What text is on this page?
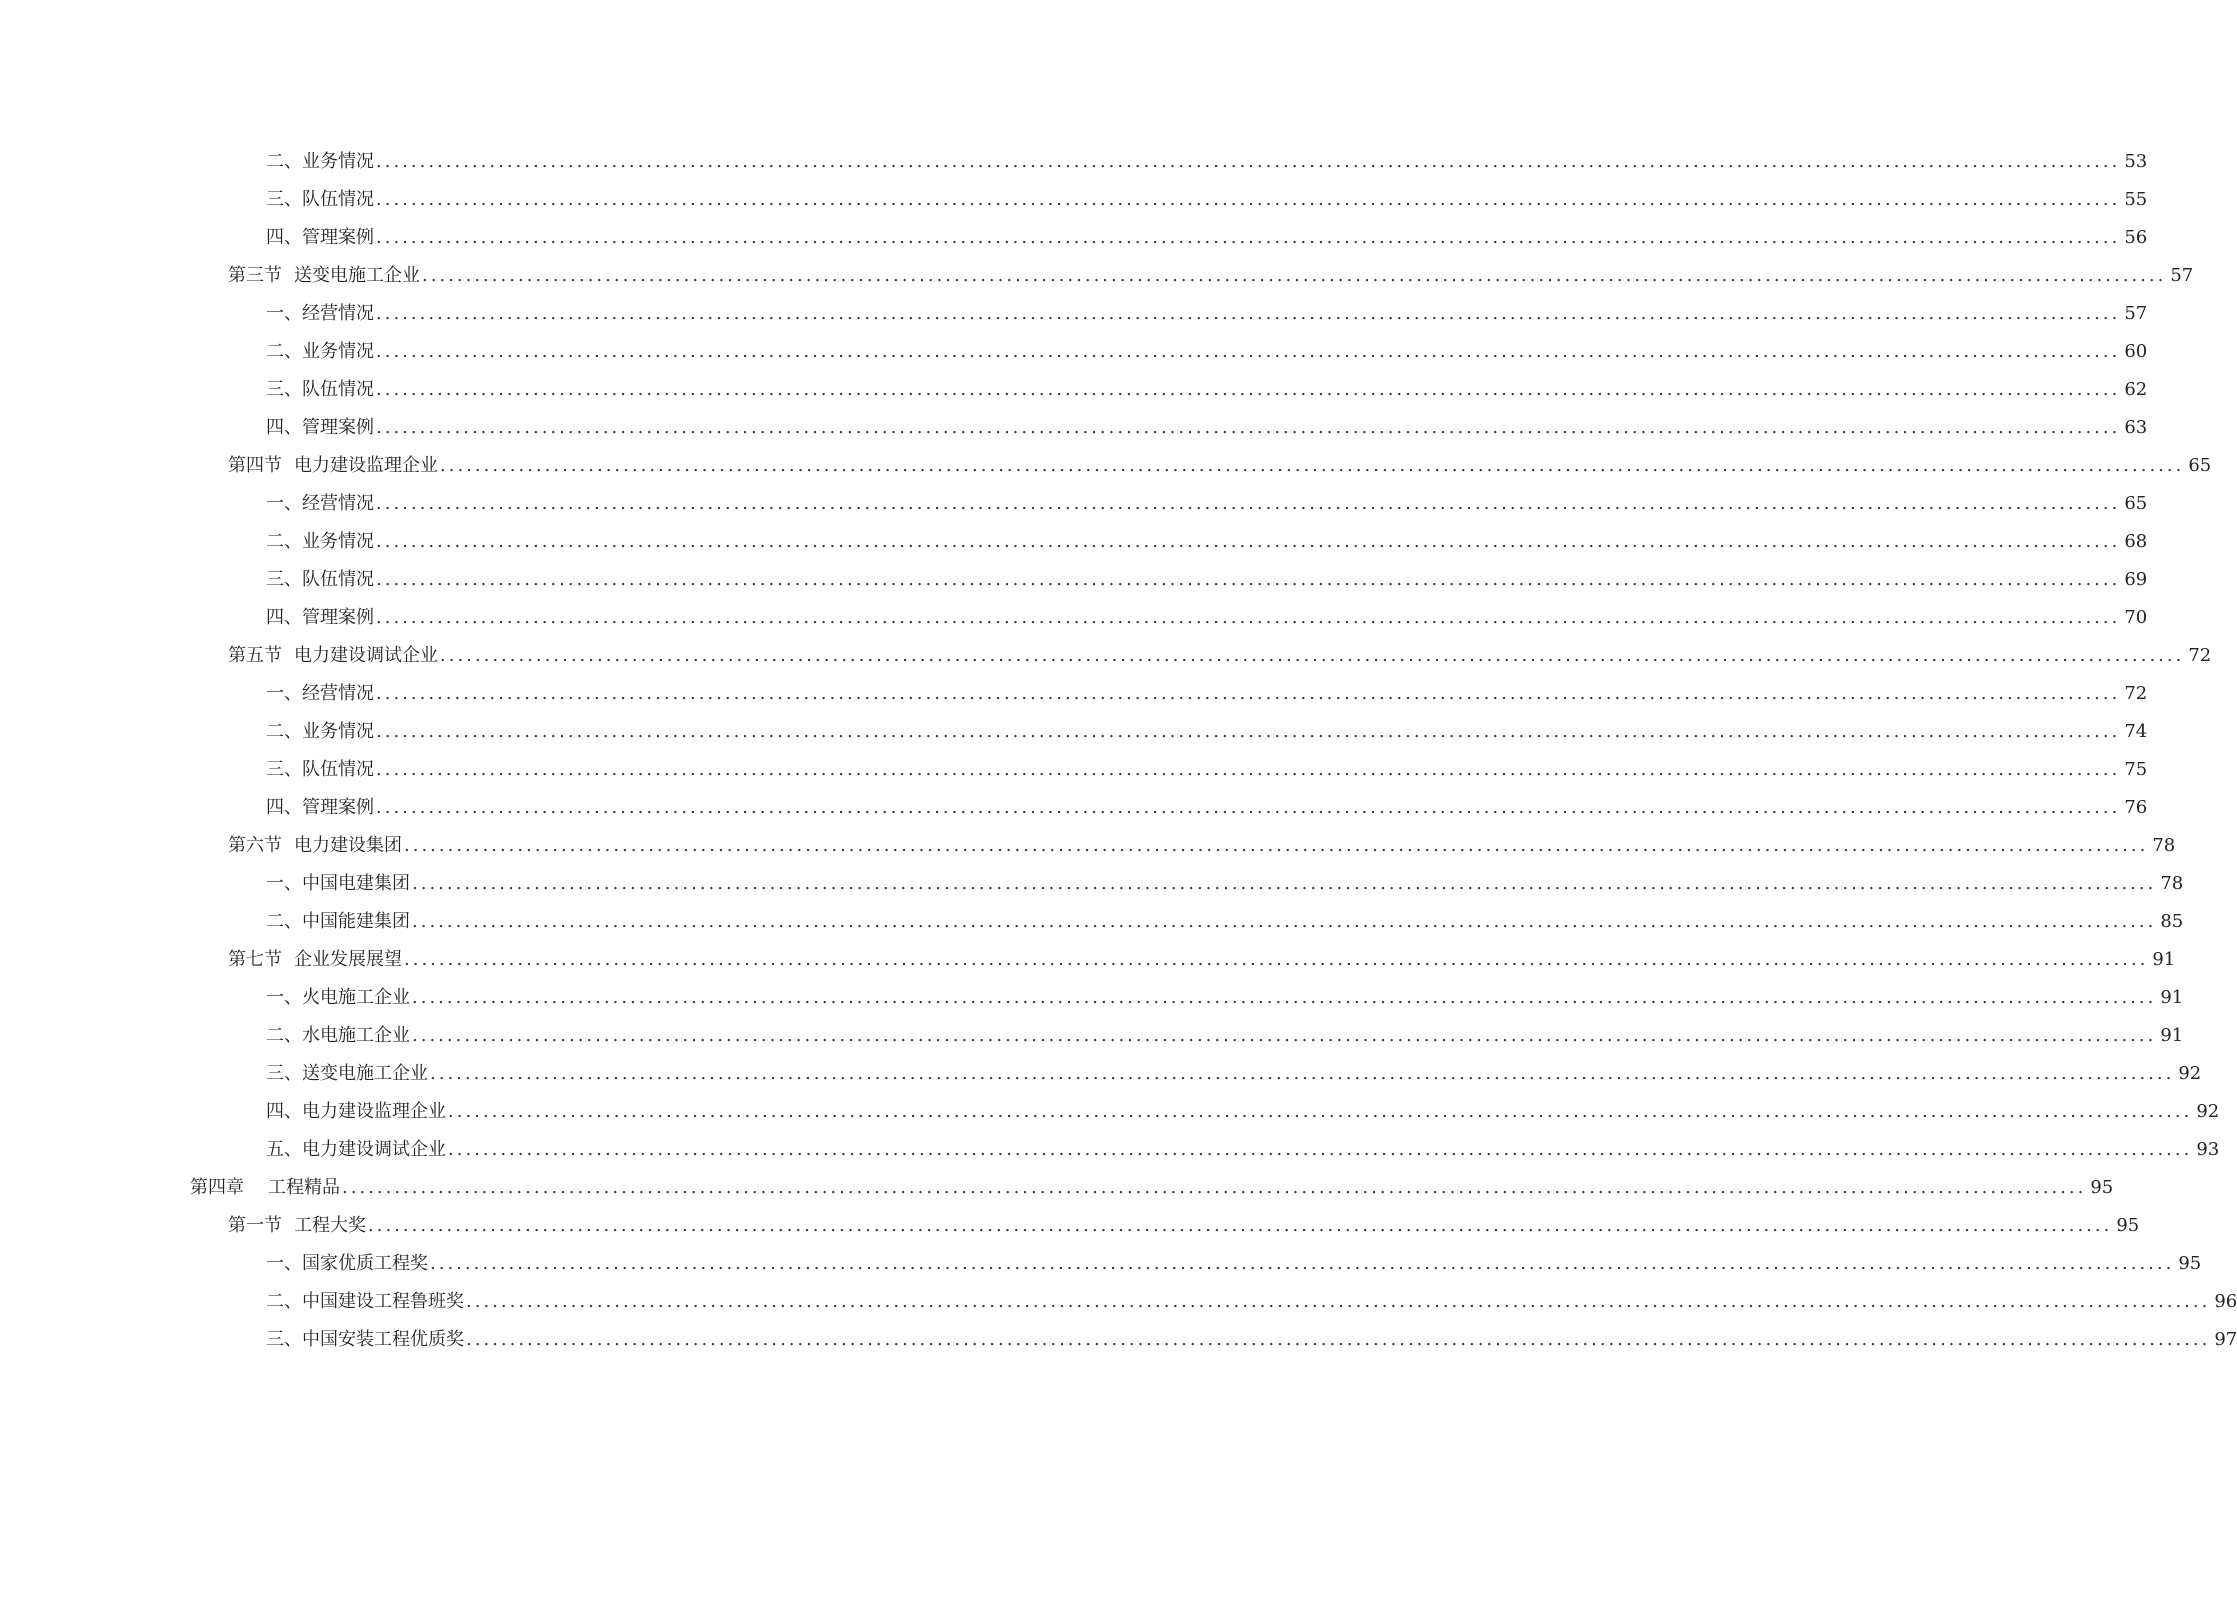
二、业务情况 ........................................................................................................................................................................................................ 53
三、队伍情况 ........................................................................................................................................................................................................ 55
四、管理案例 ........................................................................................................................................................................................................ 56
第三节 送变电施工企业 ........................................................................................................................................................................................................ 57
一、经营情况 ........................................................................................................................................................................................................ 57
二、业务情况 ........................................................................................................................................................................................................ 60
三、队伍情况 ........................................................................................................................................................................................................ 62
四、管理案例 ........................................................................................................................................................................................................ 63
第四节 电力建设监理企业 ........................................................................................................................................................................................................ 65
一、经营情况 ........................................................................................................................................................................................................ 65
二、业务情况 ........................................................................................................................................................................................................ 68
三、队伍情况 ........................................................................................................................................................................................................ 69
四、管理案例 ........................................................................................................................................................................................................ 70
第五节 电力建设调试企业 ........................................................................................................................................................................................................ 72
一、经营情况 ........................................................................................................................................................................................................ 72
二、业务情况 ........................................................................................................................................................................................................ 74
三、队伍情况 ........................................................................................................................................................................................................ 75
四、管理案例 ........................................................................................................................................................................................................ 76
第六节 电力建设集团 ........................................................................................................................................................................................................ 78
一、中国电建集团 ........................................................................................................................................................................................................ 78
二、中国能建集团 ........................................................................................................................................................................................................ 85
第七节 企业发展展望 ........................................................................................................................................................................................................ 91
一、火电施工企业 ........................................................................................................................................................................................................ 91
二、水电施工企业 ........................................................................................................................................................................................................ 91
三、送变电施工企业 ........................................................................................................................................................................................................ 92
四、电力建设监理企业 ........................................................................................................................................................................................................ 92
五、电力建设调试企业 ........................................................................................................................................................................................................ 93
第四章 工程精品 ........................................................................................................................................................................................................ 95
第一节 工程大奖 ........................................................................................................................................................................................................ 95
一、国家优质工程奖 ........................................................................................................................................................................................................ 95
二、中国建设工程鲁班奖 ........................................................................................................................................................................................................ 96
三、中国安装工程优质奖 ........................................................................................................................................................................................................ 97
